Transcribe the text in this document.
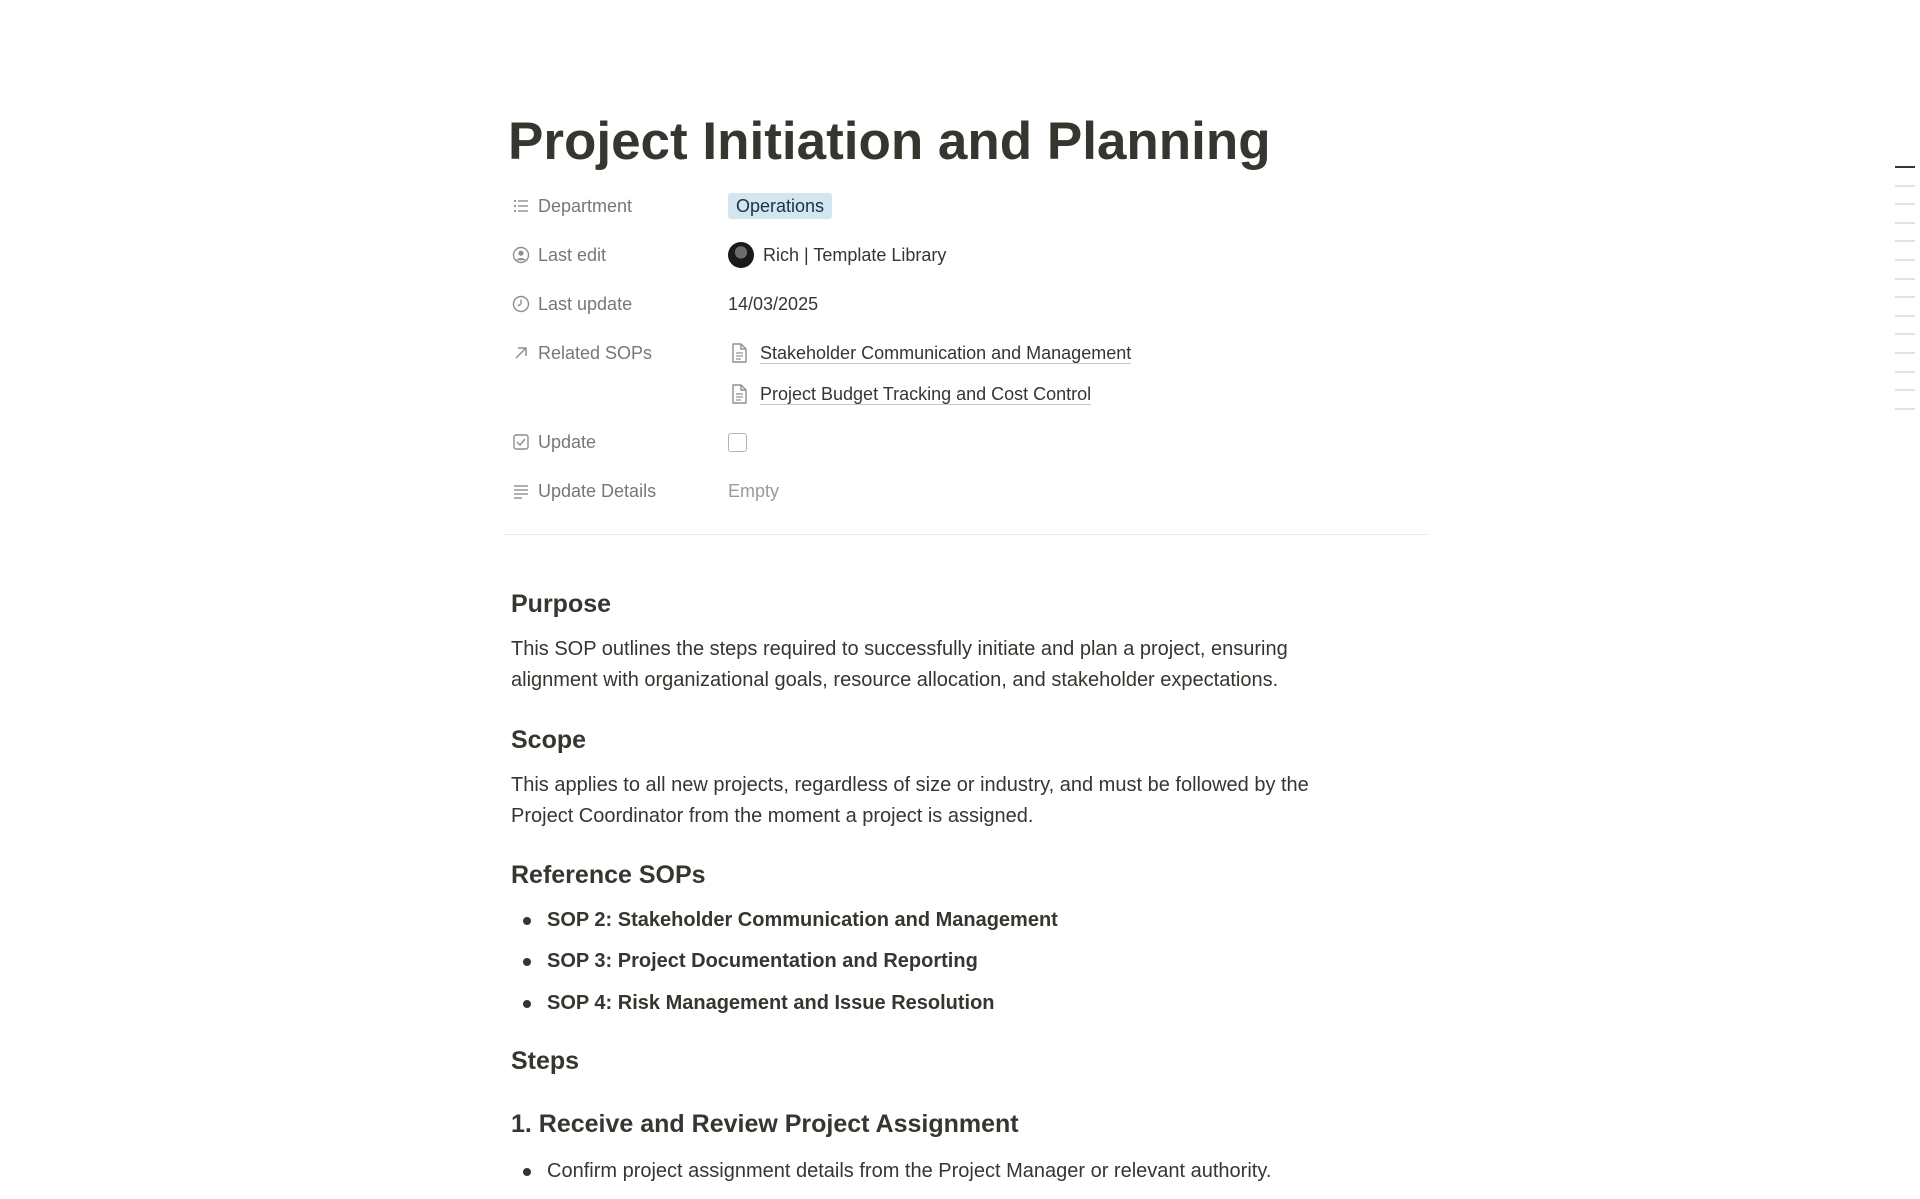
Project Initiation and Planning
Department	Operations
Last edit	Rich | Template Library
Last update	14/03/2025
Related SOPs	Stakeholder Communication and Management
Project Budget Tracking and Cost Control
Update
Update Details	Empty
Purpose
This SOP outlines the steps required to successfully initiate and plan a project, ensuring
alignment with organizational goals, resource allocation, and stakeholder expectations.
Scope
This applies to all new projects, regardless of size or industry, and must be followed by the
Project Coordinator from the moment a project is assigned.
Reference SOPs
SOP 2: Stakeholder Communication and Management
SOP 3: Project Documentation and Reporting
SOP 4: Risk Management and Issue Resolution
Steps
1. Receive and Review Project Assignment
Confirm project assignment details from the Project Manager or relevant authority.
